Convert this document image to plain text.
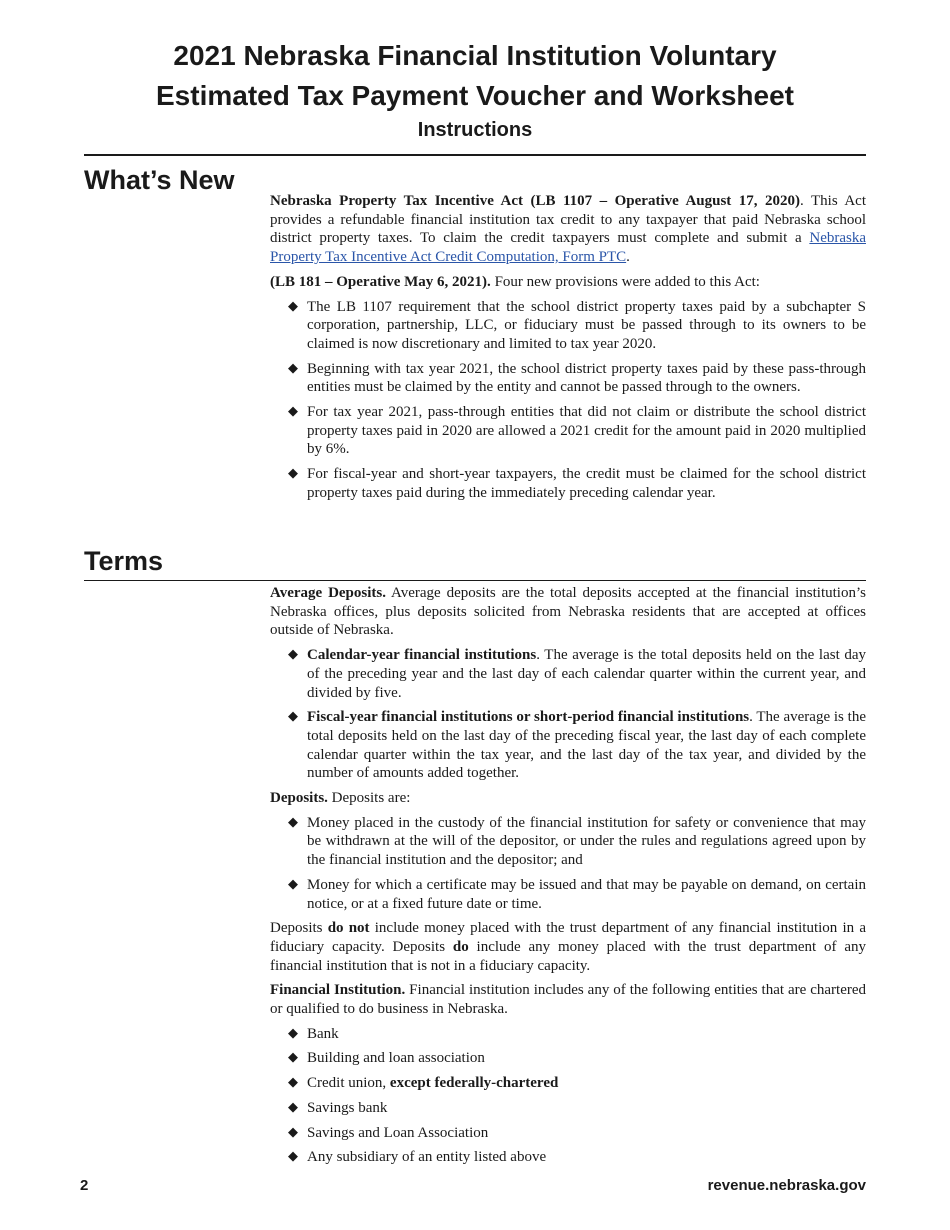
2021 Nebraska Financial Institution Voluntary
Estimated Tax Payment Voucher and Worksheet
Instructions
What’s New

Nebraska Property Tax Incentive Act (LB 1107 – Operative August 17, 2020). This Act provides a refundable financial institution tax credit to any taxpayer that paid Nebraska school district property taxes. To claim the credit taxpayers must complete and submit a Nebraska Property Tax Incentive Act Credit Computation, Form PTC.

(LB 181 – Operative May 6, 2021). Four new provisions were added to this Act:

◆ The LB 1107 requirement that the school district property taxes paid by a subchapter S corporation, partnership, LLC, or fiduciary must be passed through to its owners to be claimed is now discretionary and limited to tax year 2020.
◆ Beginning with tax year 2021, the school district property taxes paid by these pass-through entities must be claimed by the entity and cannot be passed through to the owners.
◆ For tax year 2021, pass-through entities that did not claim or distribute the school district property taxes paid in 2020 are allowed a 2021 credit for the amount paid in 2020 multiplied by 6%.
◆ For fiscal-year and short-year taxpayers, the credit must be claimed for the school district property taxes paid during the immediately preceding calendar year.
Terms

Average Deposits. Average deposits are the total deposits accepted at the financial institution’s Nebraska offices, plus deposits solicited from Nebraska residents that are accepted at offices outside of Nebraska.

◆ Calendar-year financial institutions. The average is the total deposits held on the last day of the preceding year and the last day of each calendar quarter within the current year, and divided by five.
◆ Fiscal-year financial institutions or short-period financial institutions. The average is the total deposits held on the last day of the preceding fiscal year, the last day of each complete calendar quarter within the tax year, and the last day of the tax year, and divided by the number of amounts added together.

Deposits. Deposits are:

◆ Money placed in the custody of the financial institution for safety or convenience that may be withdrawn at the will of the depositor, or under the rules and regulations agreed upon by the financial institution and the depositor; and
◆ Money for which a certificate may be issued and that may be payable on demand, on certain notice, or at a fixed future date or time.

Deposits do not include money placed with the trust department of any financial institution in a fiduciary capacity. Deposits do include any money placed with the trust department of any financial institution that is not in a fiduciary capacity.

Financial Institution. Financial institution includes any of the following entities that are chartered or qualified to do business in Nebraska.

◆ Bank
◆ Building and loan association
◆ Credit union, except federally-chartered
◆ Savings bank
◆ Savings and Loan Association
◆ Any subsidiary of an entity listed above
2	revenue.nebraska.gov
